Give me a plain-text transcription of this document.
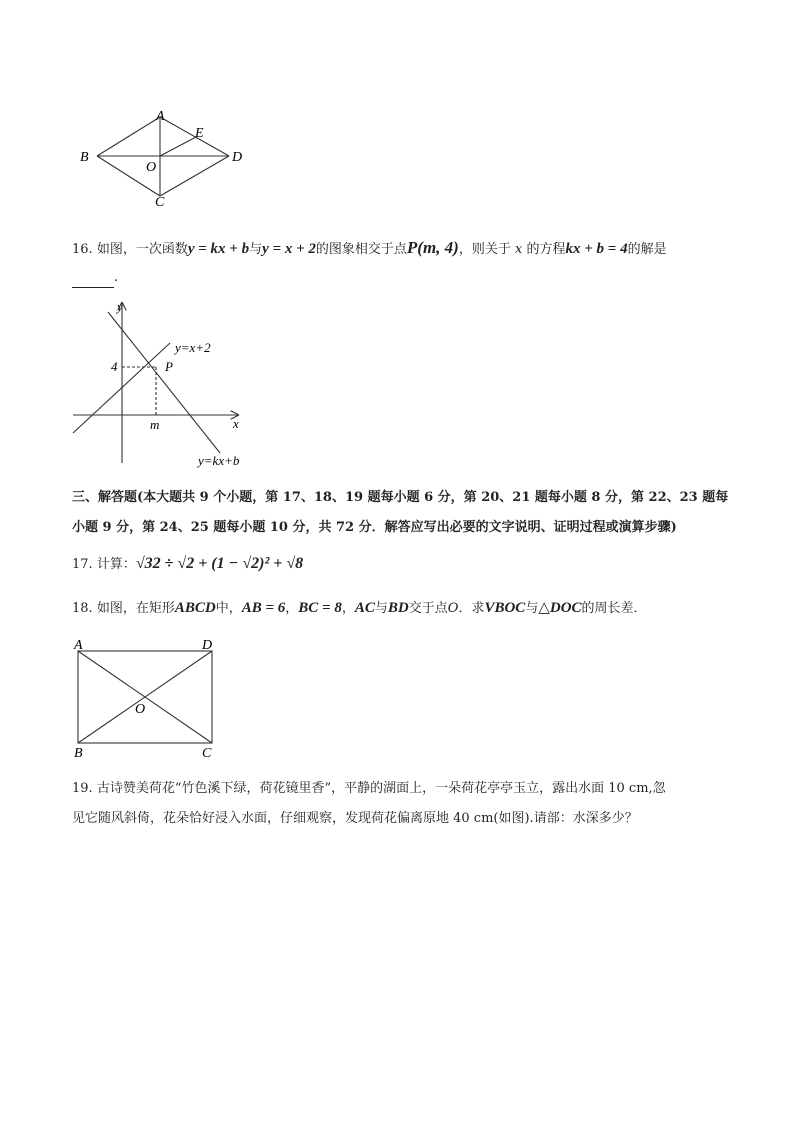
A
B
C
D
E
O
16. 如图，一次函数y = kx + b与y = x + 2的图象相交于点P(m, 4)，则关于 x 的方程kx + b = 4的解是
.
y
x
4
m
P
y=x+2
y=kx+b
三、解答题(本大题共 9 个小题，第 17、18、19 题每小题 6 分，第 20、21 题每小题 8 分，第 22、23 题每
小题 9 分，第 24、25 题每小题 10 分，共 72 分．解答应写出必要的文字说明、证明过程或演算步骤)
17. 计算：√32 ÷ √2 + (1 − √2)² + √8
18. 如图，在矩形ABCD中，AB = 6，BC = 8，AC与BD交于点O．求VBOC与△DOC的周长差．
A	D
B	C
O
19. 古诗赞美荷花“竹色溪下绿，荷花镜里香”，平静的湖面上，一朵荷花亭亭玉立，露出水面 10 cm,忽
见它随风斜倚，花朵恰好浸入水面，仔细观察，发现荷花偏离原地 40 cm(如图).请部：水深多少？
